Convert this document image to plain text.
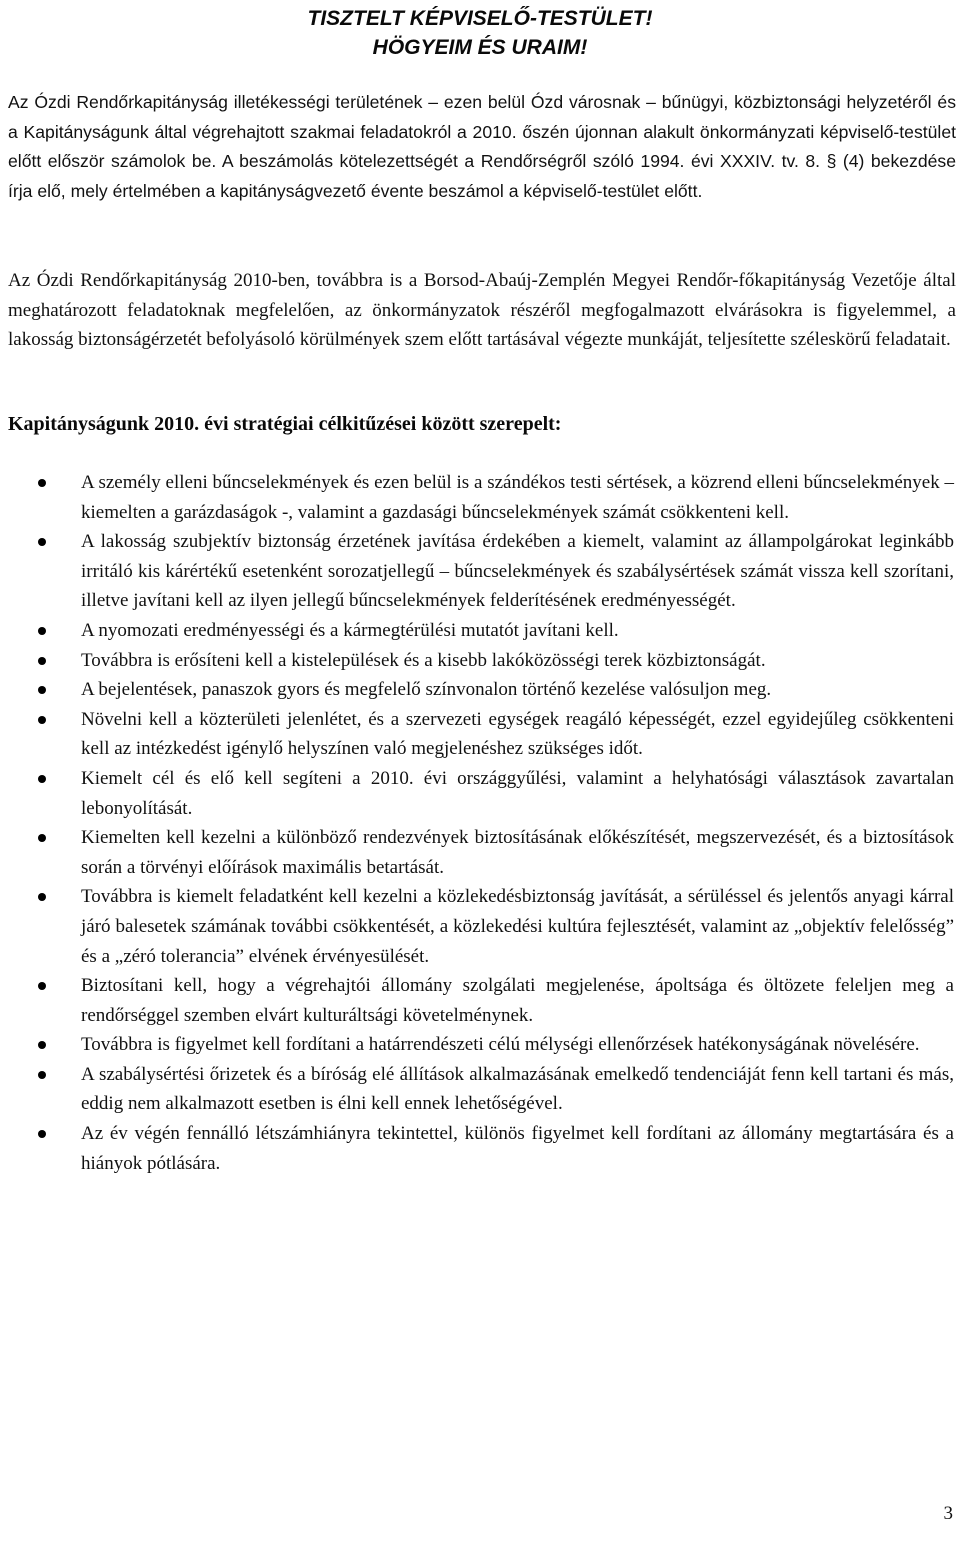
TISZTELT KÉPVISELŐ-TESTÜLET!
HÖGYEIM ÉS URAIM!

Az Ózdi Rendőrkapitányság illetékességi területének – ezen belül Ózd városnak – bűnügyi, közbiztonsági helyzetéről és a Kapitányságunk által végrehajtott szakmai feladatokról a 2010. őszén újonnan alakult önkormányzati képviselő-testület előtt először számolok be. A beszámolás kötelezettségét a Rendőrségről szóló 1994. évi XXXIV. tv. 8. § (4) bekezdése írja elő, mely értelmében a kapitányságvezető évente beszámol a képviselő-testület előtt.

Az Ózdi Rendőrkapitányság 2010-ben, továbbra is a Borsod-Abaúj-Zemplén Megyei Rendőr-főkapitányság Vezetője által meghatározott feladatoknak megfelelően, az önkormányzatok részéről megfogalmazott elvárásokra is figyelemmel, a lakosság biztonságérzetét befolyásoló körülmények szem előtt tartásával végezte munkáját, teljesítette széleskörű feladatait.

Kapitányságunk 2010. évi stratégiai célkitűzései között szerepelt:

A személy elleni bűncselekmények és ezen belül is a szándékos testi sértések, a közrend elleni bűncselekmények – kiemelten a garázdaságok -, valamint a gazdasági bűncselekmények számát csökkenteni kell.
A lakosság szubjektív biztonság érzetének javítása érdekében a kiemelt, valamint az állampolgárokat leginkább irritáló kis kárértékű esetenként sorozatjellegű – bűncselekmények és szabálysértések számát vissza kell szorítani, illetve javítani kell az ilyen jellegű bűncselekmények felderítésének eredményességét.
A nyomozati eredményességi és a kármegtérülési mutatót javítani kell.
Továbbra is erősíteni kell a kistelepülések és a kisebb lakóközösségi terek közbiztonságát.
A bejelentések, panaszok gyors és megfelelő színvonalon történő kezelése valósuljon meg.
Növelni kell a közterületi jelenlétet, és a szervezeti egységek reagáló képességét, ezzel egyidejűleg csökkenteni kell az intézkedést igénylő helyszínen való megjelenéshez szükséges időt.
Kiemelt cél és elő kell segíteni a 2010. évi országgyűlési, valamint a helyhatósági választások zavartalan lebonyolítását.
Kiemelten kell kezelni a különböző rendezvények biztosításának előkészítését, megszervezését, és a biztosítások során a törvényi előírások maximális betartását.
Továbbra is kiemelt feladatként kell kezelni a közlekedésbiztonság javítását, a sérüléssel és jelentős anyagi kárral járó balesetek számának további csökkentését, a közlekedési kultúra fejlesztését, valamint az „objektív felelősség” és a „zéró tolerancia” elvének érvényesülését.
Biztosítani kell, hogy a végrehajtói állomány szolgálati megjelenése, ápoltsága és öltözete feleljen meg a rendőrséggel szemben elvárt kulturáltsági követelménynek.
Továbbra is figyelmet kell fordítani a határrendészeti célú mélységi ellenőrzések hatékonyságának növelésére.
A szabálysértési őrizetek és a bíróság elé állítások alkalmazásának emelkedő tendenciáját fenn kell tartani és más, eddig nem alkalmazott esetben is élni kell ennek lehetőségével.
Az év végén fennálló létszámhiányra tekintettel, különös figyelmet kell fordítani az állomány megtartására és a hiányok pótlására.
3
